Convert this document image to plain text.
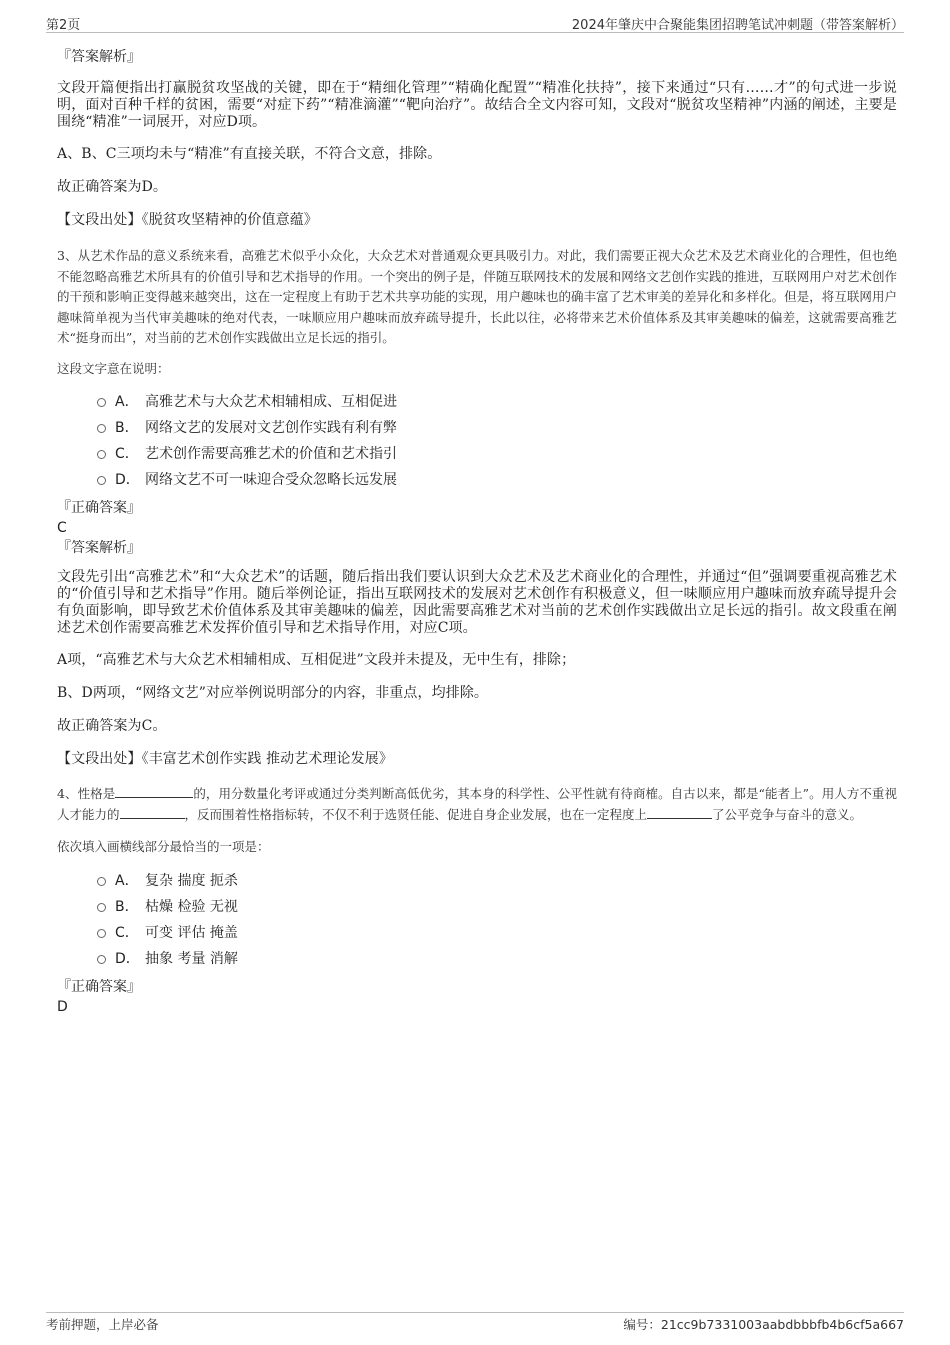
第2页	2024年肇庆中合聚能集团招聘笔试冲刺题（带答案解析）

『答案解析』

文段开篇便指出打赢脱贫攻坚战的关键，即在于“精细化管理”“精确化配置”“精准化扶持”，接下来通过“只有……才”的句式进一步说明，面对百种千样的贫困，需要“对症下药”“精准滴灌”“靶向治疗”。故结合全文内容可知，文段对“脱贫攻坚精神”内涵的阐述，主要是围绕“精准”一词展开，对应D项。

A、B、C三项均未与“精准”有直接关联，不符合文意，排除。

故正确答案为D。

【文段出处】《脱贫攻坚精神的价值意蕴》

3、从艺术作品的意义系统来看，高雅艺术似乎小众化，大众艺术对普通观众更具吸引力。对此，我们需要正视大众艺术及艺术商业化的合理性，但也绝不能忽略高雅艺术所具有的价值引导和艺术指导的作用。一个突出的例子是，伴随互联网技术的发展和网络文艺创作实践的推进，互联网用户对艺术创作的干预和影响正变得越来越突出，这在一定程度上有助于艺术共享功能的实现，用户趣味也的确丰富了艺术审美的差异化和多样化。但是，将互联网用户趣味简单视为当代审美趣味的绝对代表，一味顺应用户趣味而放弃疏导提升，长此以往，必将带来艺术价值体系及其审美趣味的偏差，这就需要高雅艺术“挺身而出”，对当前的艺术创作实践做出立足长远的指引。

这段文字意在说明：

A． 高雅艺术与大众艺术相辅相成、互相促进
B． 网络文艺的发展对文艺创作实践有利有弊
C． 艺术创作需要高雅艺术的价值和艺术指引
D． 网络文艺不可一味迎合受众忽略长远发展

『正确答案』

C

『答案解析』

文段先引出“高雅艺术”和“大众艺术”的话题，随后指出我们要认识到大众艺术及艺术商业化的合理性，并通过“但”强调要重视高雅艺术的“价值引导和艺术指导”作用。随后举例论证，指出互联网技术的发展对艺术创作有积极意义，但一味顺应用户趣味而放弃疏导提升会有负面影响，即导致艺术价值体系及其审美趣味的偏差，因此需要高雅艺术对当前的艺术创作实践做出立足长远的指引。故文段重在阐述艺术创作需要高雅艺术发挥价值引导和艺术指导作用，对应C项。

A项，“高雅艺术与大众艺术相辅相成、互相促进”文段并未提及，无中生有，排除；

B、D两项，“网络文艺”对应举例说明部分的内容，非重点，均排除。

故正确答案为C。

【文段出处】《丰富艺术创作实践 推动艺术理论发展》

4、性格是	的，用分数量化考评或通过分类判断高低优劣，其本身的科学性、公平性就有待商榷。自古以来，都是“能者上”。用人方不重视人才能力的	，反而围着性格指标转，不仅不利于选贤任能、促进自身企业发展，也在一定程度上	了公平竞争与奋斗的意义。

依次填入画横线部分最恰当的一项是：

A． 复杂 揣度 扼杀
B． 枯燥 检验 无视
C． 可变 评估 掩盖
D． 抽象 考量 消解

『正确答案』

D

考前押题，上岸必备	编号：21cc9b7331003aabdbbbfb4b6cf5a667
